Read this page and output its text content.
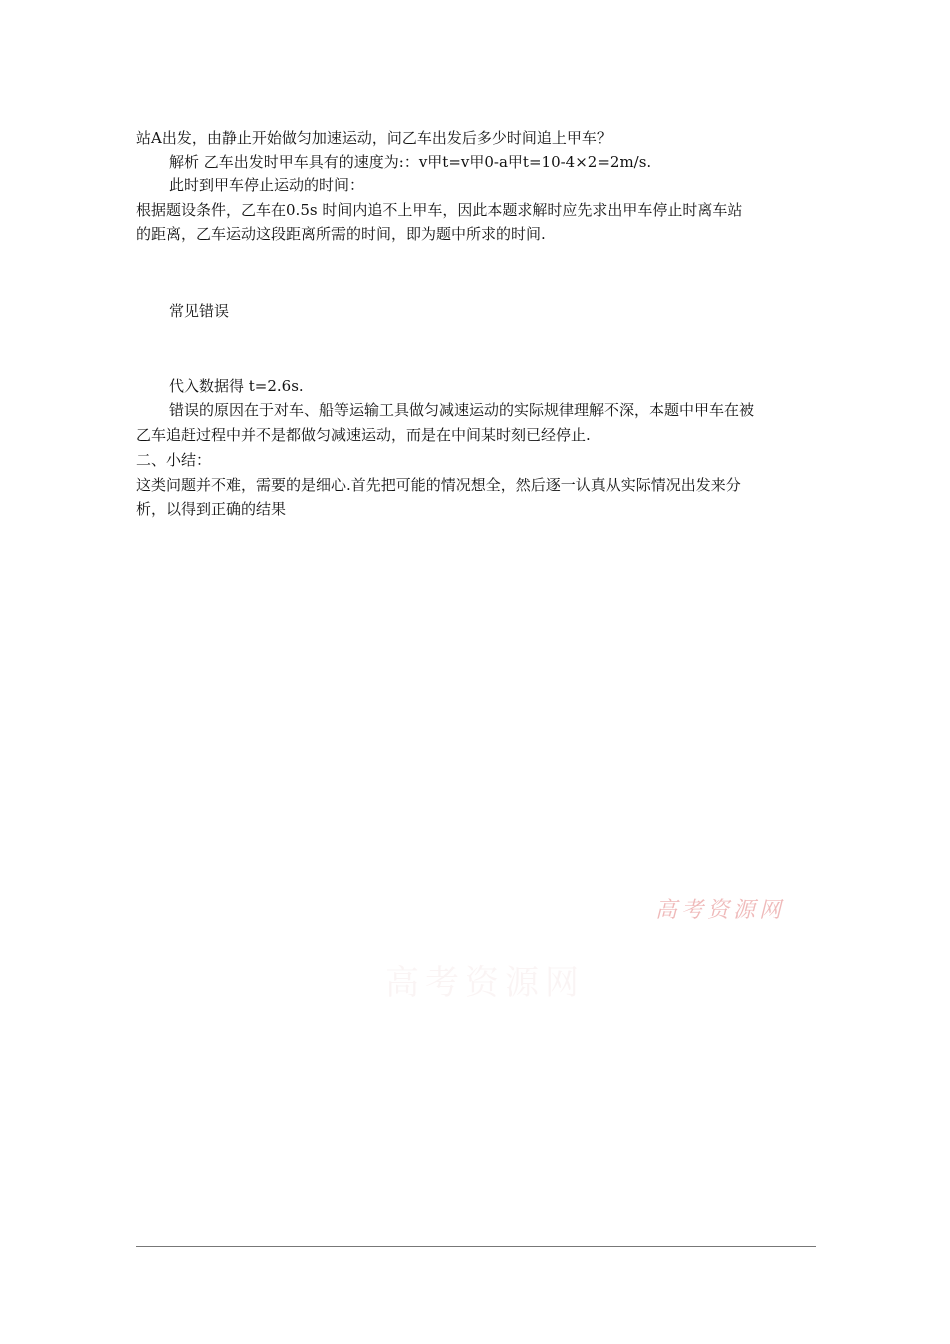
站A出发，由静止开始做匀加速运动，问乙车出发后多少时间追上甲车？
解析 乙车出发时甲车具有的速度为:：v甲t=v甲0-a甲t=10-4×2=2m/s.
此时到甲车停止运动的时间：
根据题设条件，乙车在0.5s 时间内追不上甲车，因此本题求解时应先求出甲车停止时离车站
的距离，乙车运动这段距离所需的时间，即为题中所求的时间.
常见错误
代入数据得 t=2.6s.
错误的原因在于对车、船等运输工具做匀减速运动的实际规律理解不深，本题中甲车在被
乙车追赶过程中并不是都做匀减速运动，而是在中间某时刻已经停止.
二、小结：
这类问题并不难，需要的是细心.首先把可能的情况想全，然后逐一认真从实际情况出发来分
析，以得到正确的结果
高考资源网
高考资源网
